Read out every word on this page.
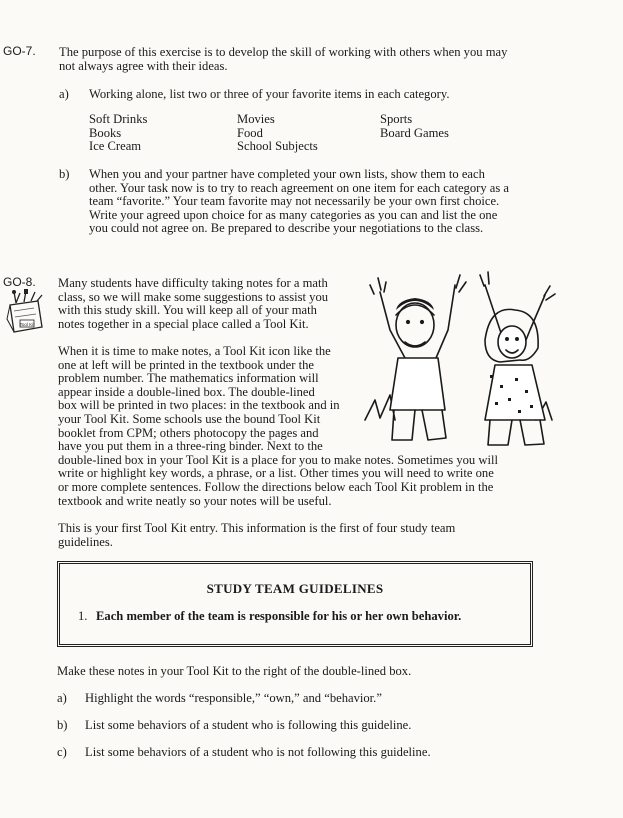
GO-7. The purpose of this exercise is to develop the skill of working with others when you may

not always agree with their ideas.

a) Working alone, list two or three of your favorite items in each category.

Soft Drinks
Books
Ice Cream
Movies
Food
School Subjects
Sports
Board Games
b) When you and your partner have completed your own lists, show them to each
other. Your task now is to try to reach agreement on one item for each category as a
team “favorite.” Your team favorite may not necessarily be your own first choice.
Write your agreed upon choice for as many categories as you can and list the one
you could not agree on. Be prepared to describe your negotiations to the class.
GO-8.
Tool Kit
Many students have difficulty taking notes for a math
class, so we will make some suggestions to assist you
with this study skill. You will keep all of your math
notes together in a special place called a Tool Kit.
When it is time to make notes, a Tool Kit icon like the
one at left will be printed in the textbook under the
problem number. The mathematics information will
appear inside a double-lined box. The double-lined
box will be printed in two places: in the textbook and in
your Tool Kit. Some schools use the bound Tool Kit
booklet from CPM; others photocopy the pages and
have you put them in a three-ring binder. Next to the
double-lined box in your Tool Kit is a place for you to make notes. Sometimes you will
write or highlight key words, a phrase, or a list. Other times you will need to write one
or more complete sentences. Follow the directions below each Tool Kit problem in the
textbook and write neatly so your notes will be useful.
This is your first Tool Kit entry. This information is the first of four study team
guidelines.
STUDY TEAM GUIDELINES
1. Each member of the team is responsible for his or her own behavior.

Make these notes in your Tool Kit to the right of the double-lined box.

a) Highlight the words “responsible,” “own,” and “behavior.”

b) List some behaviors of a student who is following this guideline.

c) List some behaviors of a student who is not following this guideline.
